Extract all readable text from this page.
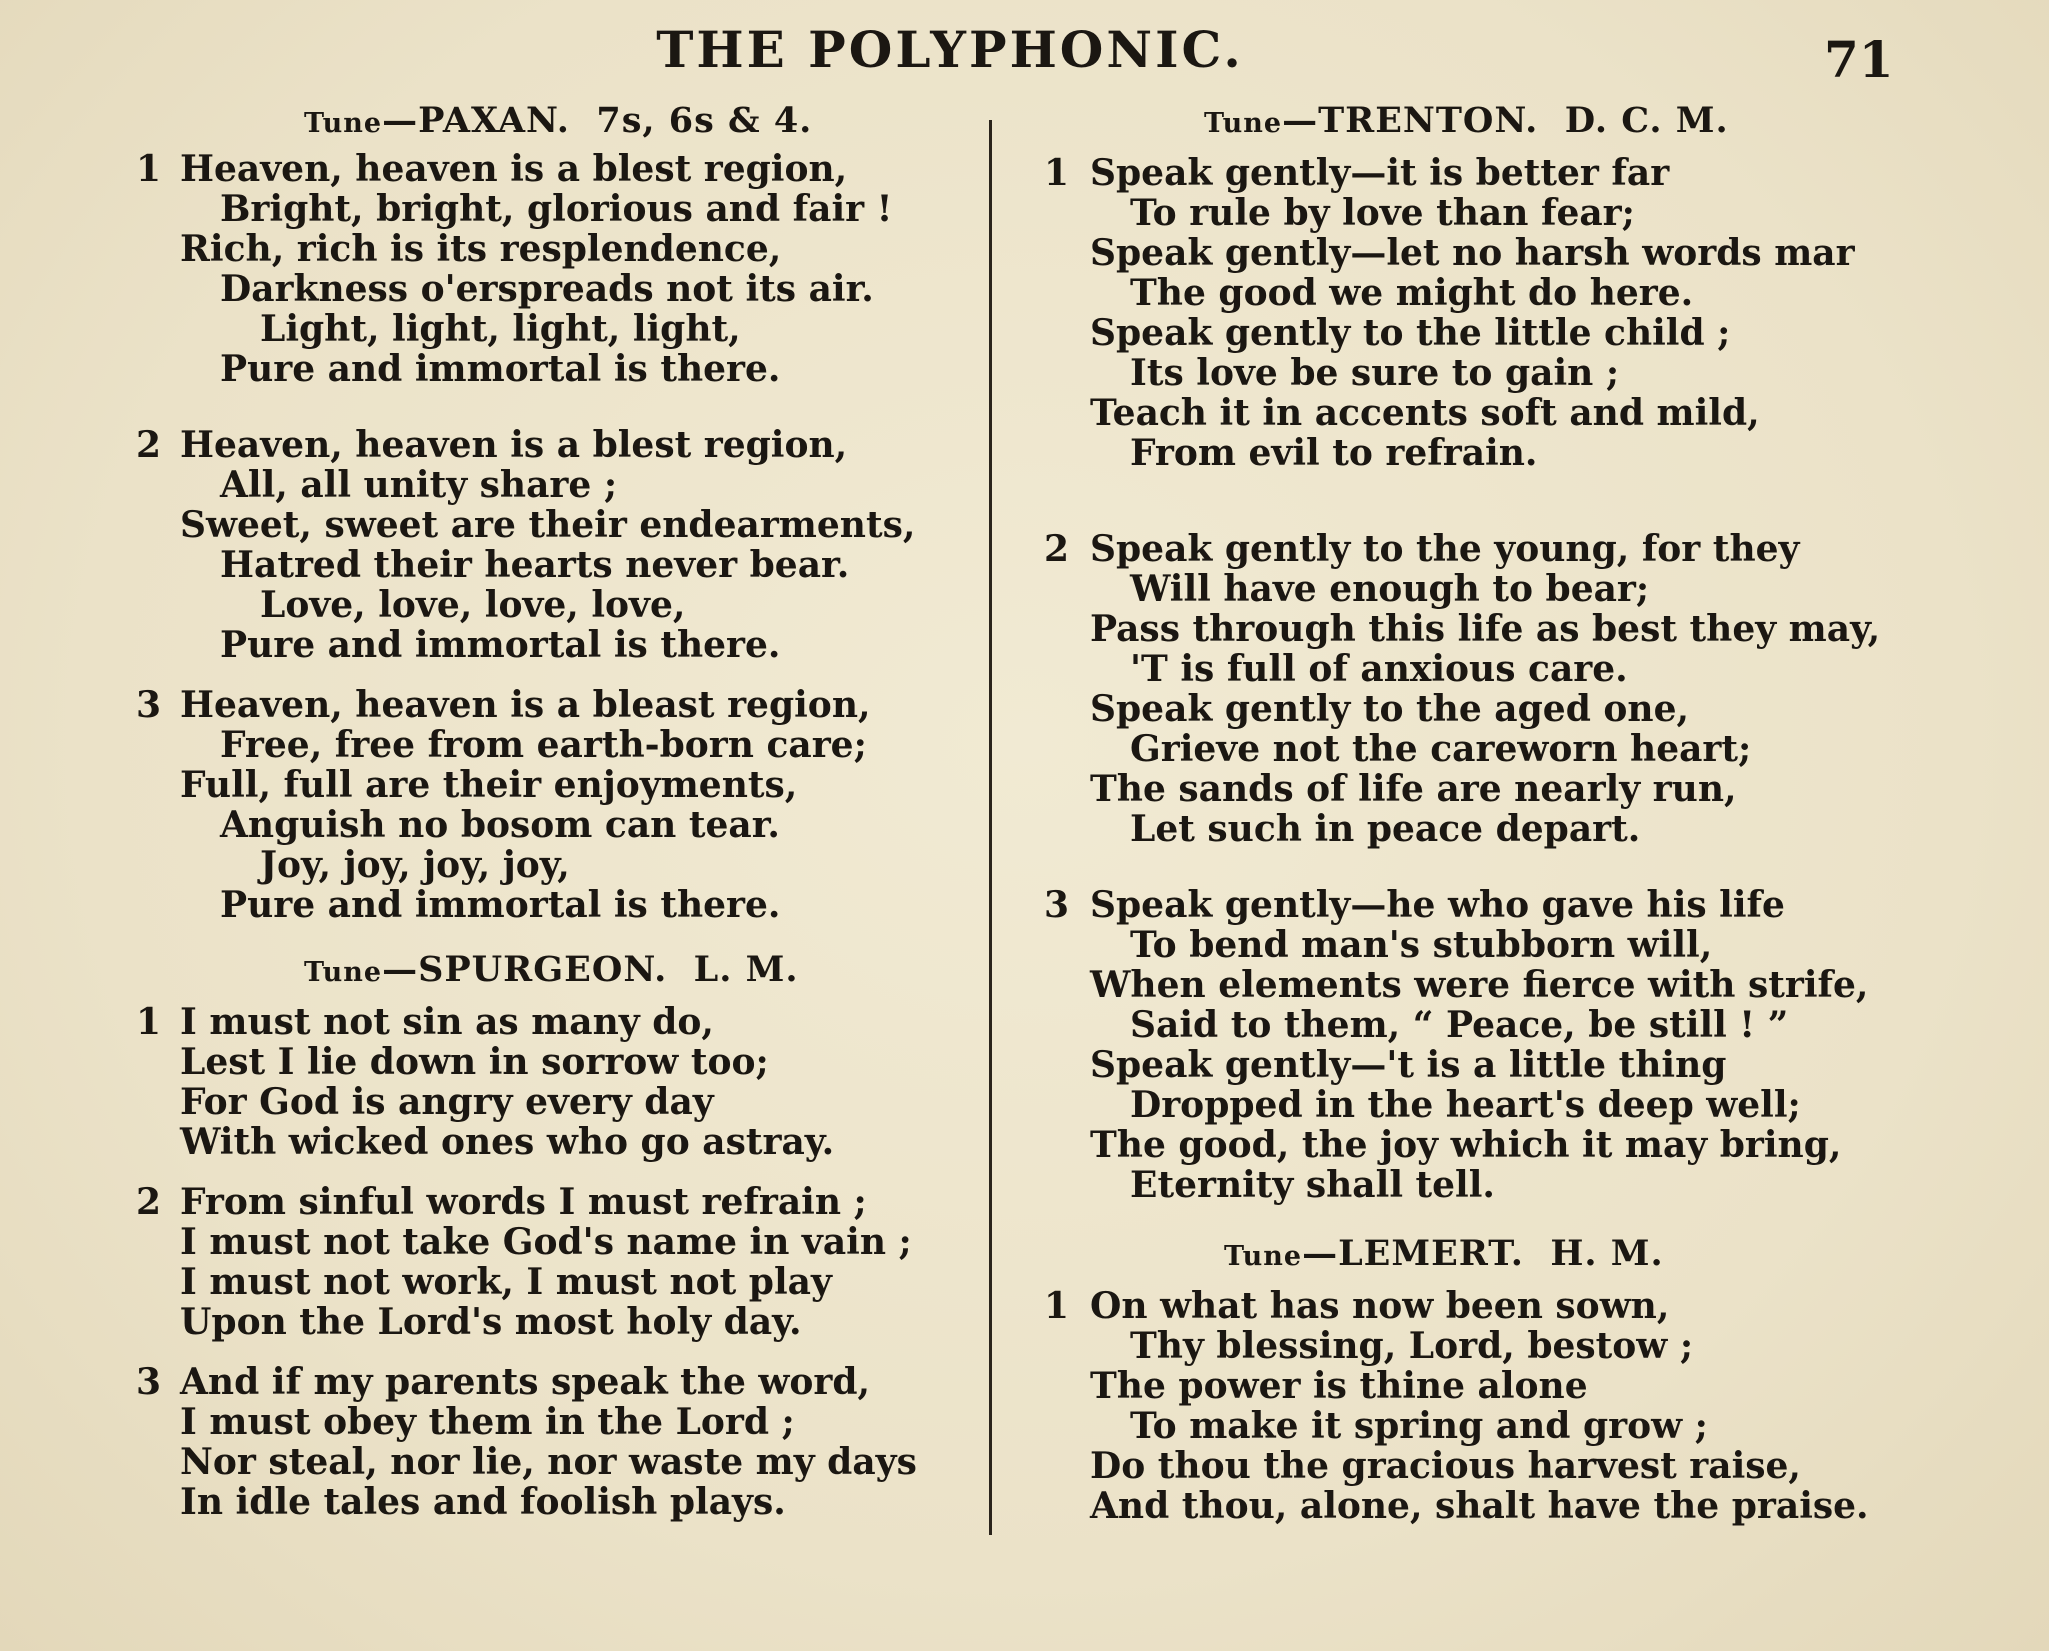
THE POLYPHONIC.	71
Tune—PAXAN. 7s, 6s & 4.
1 Heaven, heaven is a blest region,
Bright, bright, glorious and fair !
Rich, rich is its resplendence,
Darkness o'erspreads not its air.
Light, light, light, light,
Pure and immortal is there.
2 Heaven, heaven is a blest region,
All, all unity share ;
Sweet, sweet are their endearments,
Hatred their hearts never bear.
Love, love, love, love,
Pure and immortal is there.
3 Heaven, heaven is a bleast region,
Free, free from earth-born care;
Full, full are their enjoyments,
Anguish no bosom can tear.
Joy, joy, joy, joy,
Pure and immortal is there.
Tune—SPURGEON. L. M.
1 I must not sin as many do,
Lest I lie down in sorrow too;
For God is angry every day
With wicked ones who go astray.
2 From sinful words I must refrain ;
I must not take God's name in vain ;
I must not work, I must not play
Upon the Lord's most holy day.
3 And if my parents speak the word,
I must obey them in the Lord ;
Nor steal, nor lie, nor waste my days
In idle tales and foolish plays.
Tune—TRENTON. D. C. M.
1 Speak gently—it is better far
To rule by love than fear;
Speak gently—let no harsh words mar
The good we might do here.
Speak gently to the little child ;
Its love be sure to gain ;
Teach it in accents soft and mild,
From evil to refrain.
2 Speak gently to the young, for they
Will have enough to bear;
Pass through this life as best they may,
'T is full of anxious care.
Speak gently to the aged one,
Grieve not the careworn heart;
The sands of life are nearly run,
Let such in peace depart.
3 Speak gently—he who gave his life
To bend man's stubborn will,
When elements were fierce with strife,
Said to them, “ Peace, be still ! ”
Speak gently—'t is a little thing
Dropped in the heart's deep well;
The good, the joy which it may bring,
Eternity shall tell.
Tune—LEMERT. H. M.
1 On what has now been sown,
Thy blessing, Lord, bestow ;
The power is thine alone
To make it spring and grow ;
Do thou the gracious harvest raise,
And thou, alone, shalt have the praise.
